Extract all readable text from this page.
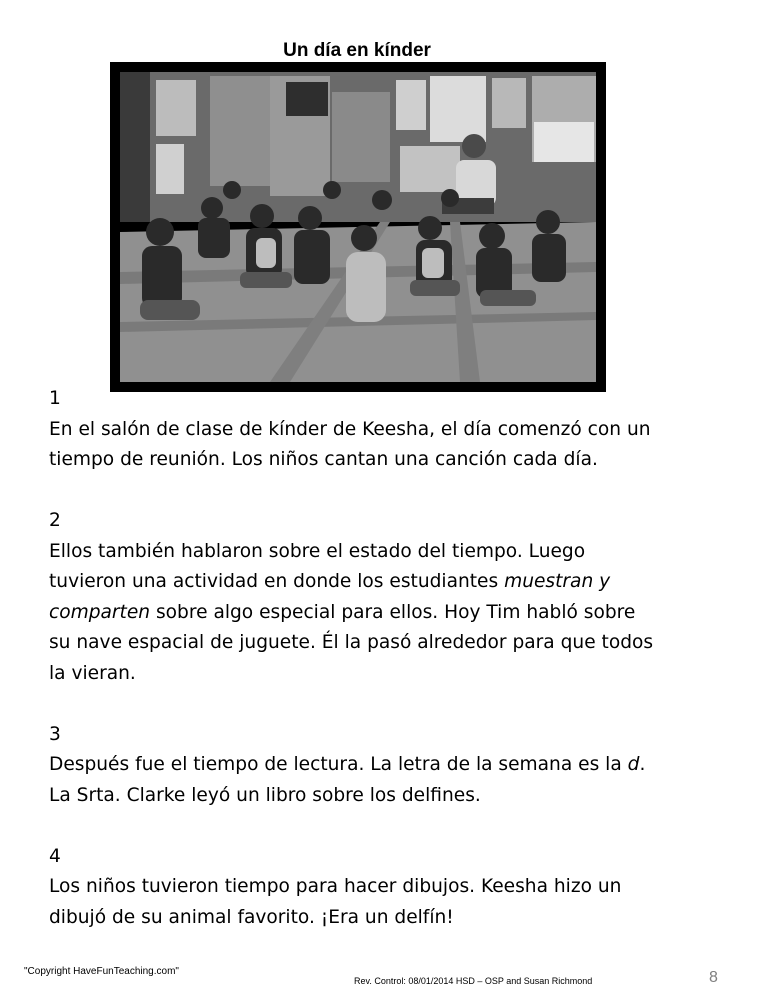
Un día en kínder

1

En el salón de clase de kínder de Keesha, el día comenzó con un

tiempo de reunión. Los niños cantan una canción cada día.

2

Ellos también hablaron sobre el estado del tiempo. Luego

tuvieron una actividad en donde los estudiantes muestran y

comparten sobre algo especial para ellos. Hoy Tim habló sobre

su nave espacial de juguete. Él la pasó alrededor para que todos

la vieran.

3

Después fue el tiempo de lectura. La letra de la semana es la d.

La Srta. Clarke leyó un libro sobre los delfines.

4

Los niños tuvieron tiempo para hacer dibujos. Keesha hizo un

dibujó de su animal favorito. ¡Era un delfín!

"Copyright HaveFunTeaching.com"
Rev. Control: 08/01/2014 HSD – OSP and Susan Richmond	8
